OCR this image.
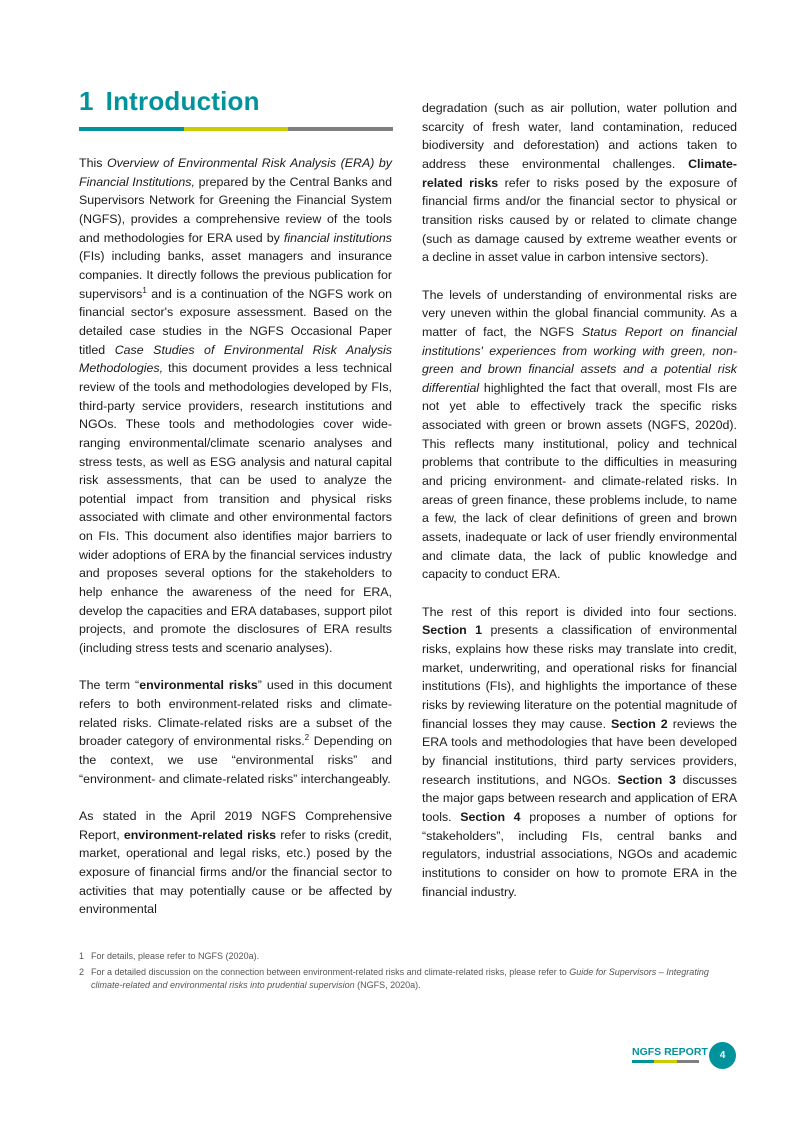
1 Introduction

This Overview of Environmental Risk Analysis (ERA) by Financial Institutions, prepared by the Central Banks and Supervisors Network for Greening the Financial System (NGFS), provides a comprehensive review of the tools and methodologies for ERA used by financial institutions (FIs) including banks, asset managers and insurance companies. It directly follows the previous publication for supervisors$^1$ and is a continuation of the NGFS work on financial sector's exposure assessment. Based on the detailed case studies in the NGFS Occasional Paper titled Case Studies of Environmental Risk Analysis Methodologies, this document provides a less technical review of the tools and methodologies developed by FIs, third-party service providers, research institutions and NGOs. These tools and methodologies cover wide-ranging environmental/climate scenario analyses and stress tests, as well as ESG analysis and natural capital risk assessments, that can be used to analyze the potential impact from transition and physical risks associated with climate and other environmental factors on FIs. This document also identifies major barriers to wider adoptions of ERA by the financial services industry and proposes several options for the stakeholders to help enhance the awareness of the need for ERA, develop the capacities and ERA databases, support pilot projects, and promote the disclosures of ERA results (including stress tests and scenario analyses).

The term “environmental risks” used in this document refers to both environment-related risks and climate-related risks. Climate-related risks are a subset of the broader category of environmental risks.$^2$ Depending on the context, we use “environmental risks” and “environment- and climate-related risks” interchangeably.

As stated in the April 2019 NGFS Comprehensive Report, environment-related risks refer to risks (credit, market, operational and legal risks, etc.) posed by the exposure of financial firms and/or the financial sector to activities that may potentially cause or be affected by environmental

degradation (such as air pollution, water pollution and scarcity of fresh water, land contamination, reduced biodiversity and deforestation) and actions taken to address these environmental challenges. Climate-related risks refer to risks posed by the exposure of financial firms and/or the financial sector to physical or transition risks caused by or related to climate change (such as damage caused by extreme weather events or a decline in asset value in carbon intensive sectors).

The levels of understanding of environmental risks are very uneven within the global financial community. As a matter of fact, the NGFS Status Report on financial institutions' experiences from working with green, non-green and brown financial assets and a potential risk differential highlighted the fact that overall, most FIs are not yet able to effectively track the specific risks associated with green or brown assets (NGFS, 2020d). This reflects many institutional, policy and technical problems that contribute to the difficulties in measuring and pricing environment- and climate-related risks. In areas of green finance, these problems include, to name a few, the lack of clear definitions of green and brown assets, inadequate or lack of user friendly environmental and climate data, the lack of public knowledge and capacity to conduct ERA.

The rest of this report is divided into four sections. Section 1 presents a classification of environmental risks, explains how these risks may translate into credit, market, underwriting, and operational risks for financial institutions (FIs), and highlights the importance of these risks by reviewing literature on the potential magnitude of financial losses they may cause. Section 2 reviews the ERA tools and methodologies that have been developed by financial institutions, third party services providers, research institutions, and NGOs. Section 3 discusses the major gaps between research and application of ERA tools. Section 4 proposes a number of options for “stakeholders”, including FIs, central banks and regulators, industrial associations, NGOs and academic institutions to consider on how to promote ERA in the financial industry.

1 For details, please refer to NGFS (2020a).
2 For a detailed discussion on the connection between environment-related risks and climate-related risks, please refer to Guide for Supervisors – Integrating climate-related and environmental risks into prudential supervision (NGFS, 2020a).
NGFS REPORT	4
